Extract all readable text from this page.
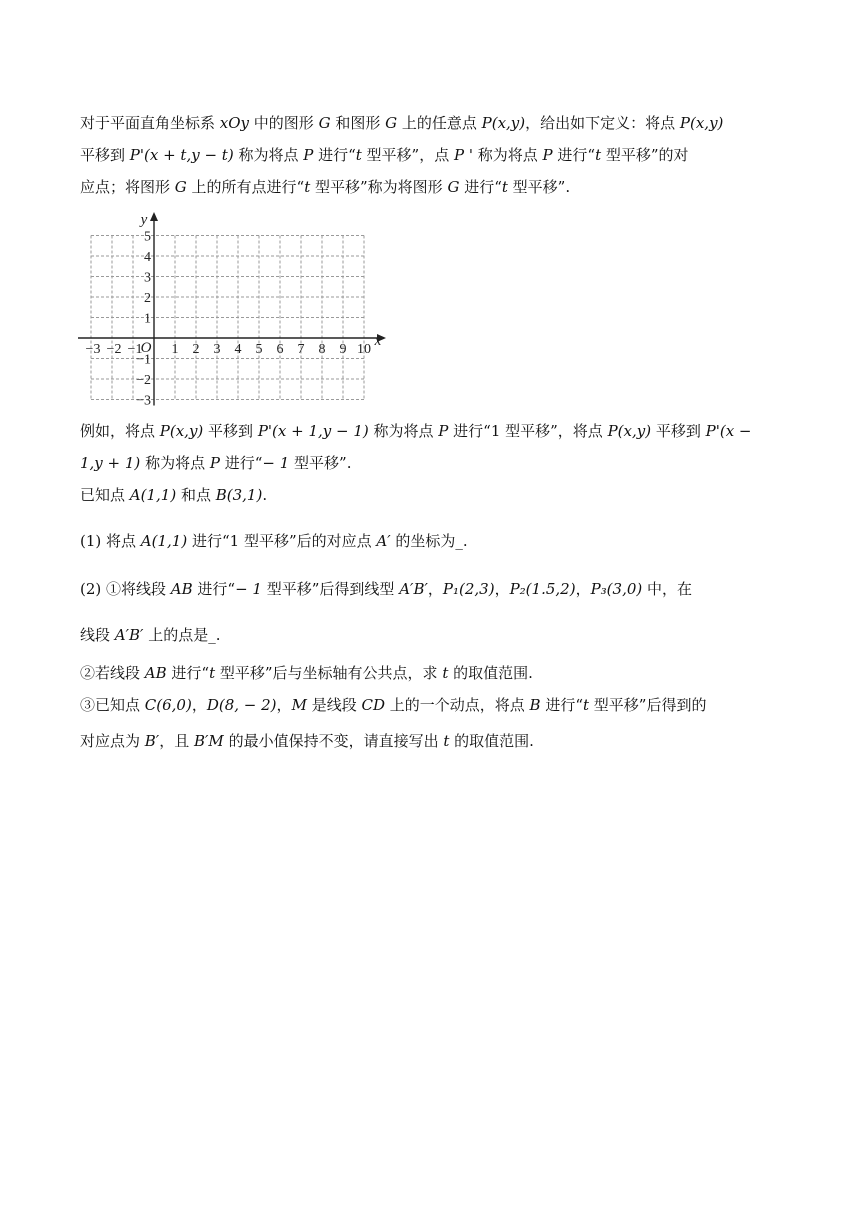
对于平面直角坐标系 xOy 中的图形 G 和图形 G 上的任意点 P(x,y)，给出如下定义：将点 P(x,y)
平移到 P'(x + t,y − t) 称为将点 P 进行“t 型平移”，点 P ' 称为将点 P 进行“t 型平移”的对
应点；将图形 G 上的所有点进行“t 型平移”称为将图形 G 进行“t 型平移”.
x
y
O
−3 −2 −1 1 2 3 4 5 6 7 8 9 10
5
4
3
2
1
−1
−2
−3
例如，将点 P(x,y) 平移到 P'(x + 1,y − 1) 称为将点 P 进行“1 型平移”，将点 P(x,y) 平移到 P'(x −
1,y + 1) 称为将点 P 进行“− 1 型平移”.
已知点 A(1,1) 和点 B(3,1).
(1) 将点 A(1,1) 进行“1 型平移”后的对应点 A′ 的坐标为_.
(2) ①将线段 AB 进行“− 1 型平移”后得到线型 A′B′，P₁(2,3)，P₂(1.5,2)，P₃(3,0) 中，在
线段 A′B′ 上的点是_.
②若线段 AB 进行“t 型平移”后与坐标轴有公共点，求 t 的取值范围.
③已知点 C(6,0)，D(8, − 2)，M 是线段 CD 上的一个动点，将点 B 进行“t 型平移”后得到的
对应点为 B′，且 B′M 的最小值保持不变，请直接写出 t 的取值范围.
